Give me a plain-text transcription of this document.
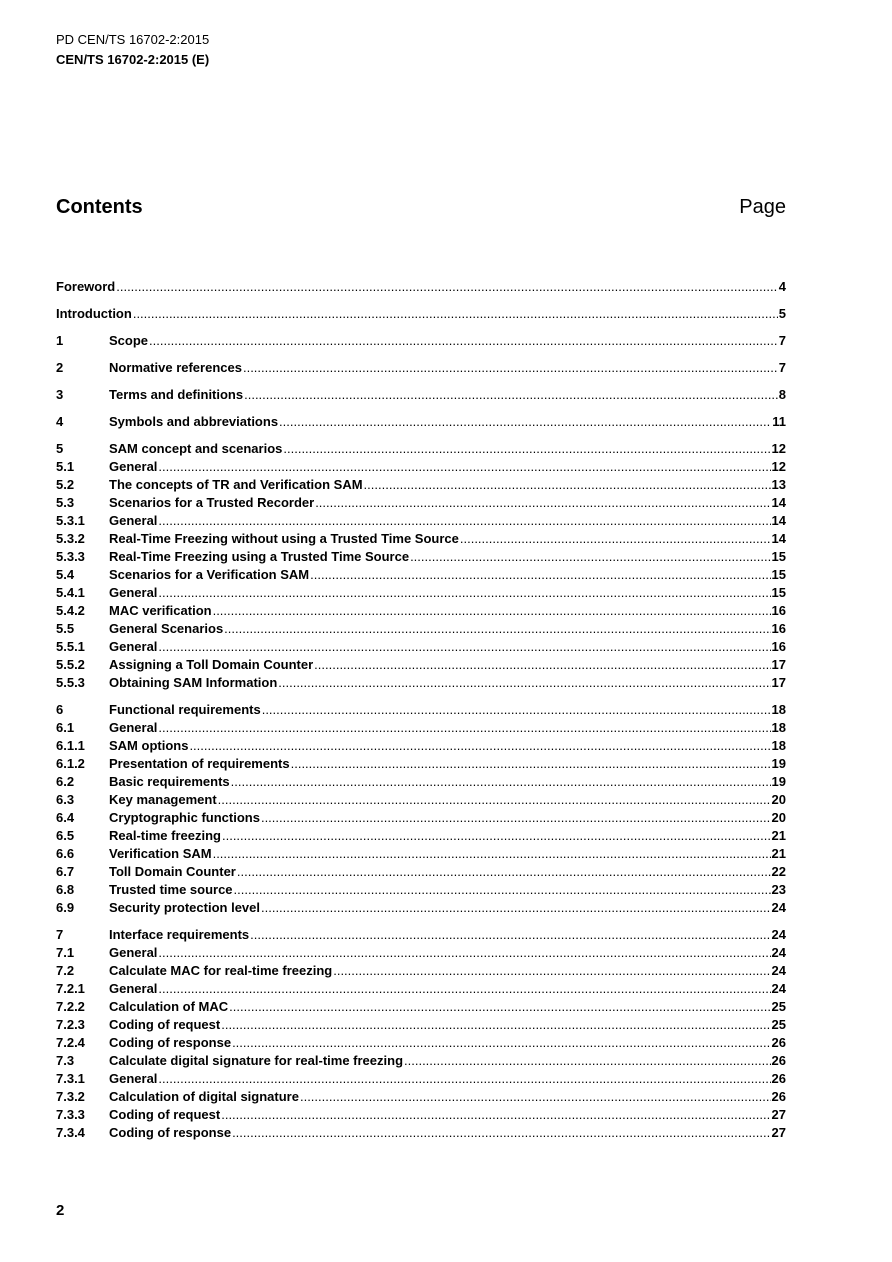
PD CEN/TS 16702-2:2015
CEN/TS 16702-2:2015 (E)
Contents	Page
Foreword .....	4
Introduction .....	5
1	Scope .....	7
2	Normative references .....	7
3	Terms and definitions .....	8
4	Symbols and abbreviations .....	11
5	SAM concept and scenarios .....	12
5.1	General .....	12
5.2	The concepts of TR and Verification SAM .....	13
5.3	Scenarios for a Trusted Recorder .....	14
5.3.1	General .....	14
5.3.2	Real-Time Freezing without using a Trusted Time Source .....	14
5.3.3	Real-Time Freezing using a Trusted Time Source .....	15
5.4	Scenarios for a Verification SAM .....	15
5.4.1	General .....	15
5.4.2	MAC verification .....	16
5.5	General Scenarios .....	16
5.5.1	General .....	16
5.5.2	Assigning a Toll Domain Counter .....	17
5.5.3	Obtaining SAM Information .....	17
6	Functional requirements .....	18
6.1	General .....	18
6.1.1	SAM options .....	18
6.1.2	Presentation of requirements .....	19
6.2	Basic requirements .....	19
6.3	Key management .....	20
6.4	Cryptographic functions .....	20
6.5	Real-time freezing .....	21
6.6	Verification SAM .....	21
6.7	Toll Domain Counter .....	22
6.8	Trusted time source .....	23
6.9	Security protection level .....	24
7	Interface requirements .....	24
7.1	General .....	24
7.2	Calculate MAC for real-time freezing .....	24
7.2.1	General .....	24
7.2.2	Calculation of MAC .....	25
7.2.3	Coding of request .....	25
7.2.4	Coding of response .....	26
7.3	Calculate digital signature for real-time freezing .....	26
7.3.1	General .....	26
7.3.2	Calculation of digital signature .....	26
7.3.3	Coding of request .....	27
7.3.4	Coding of response .....	27
2
